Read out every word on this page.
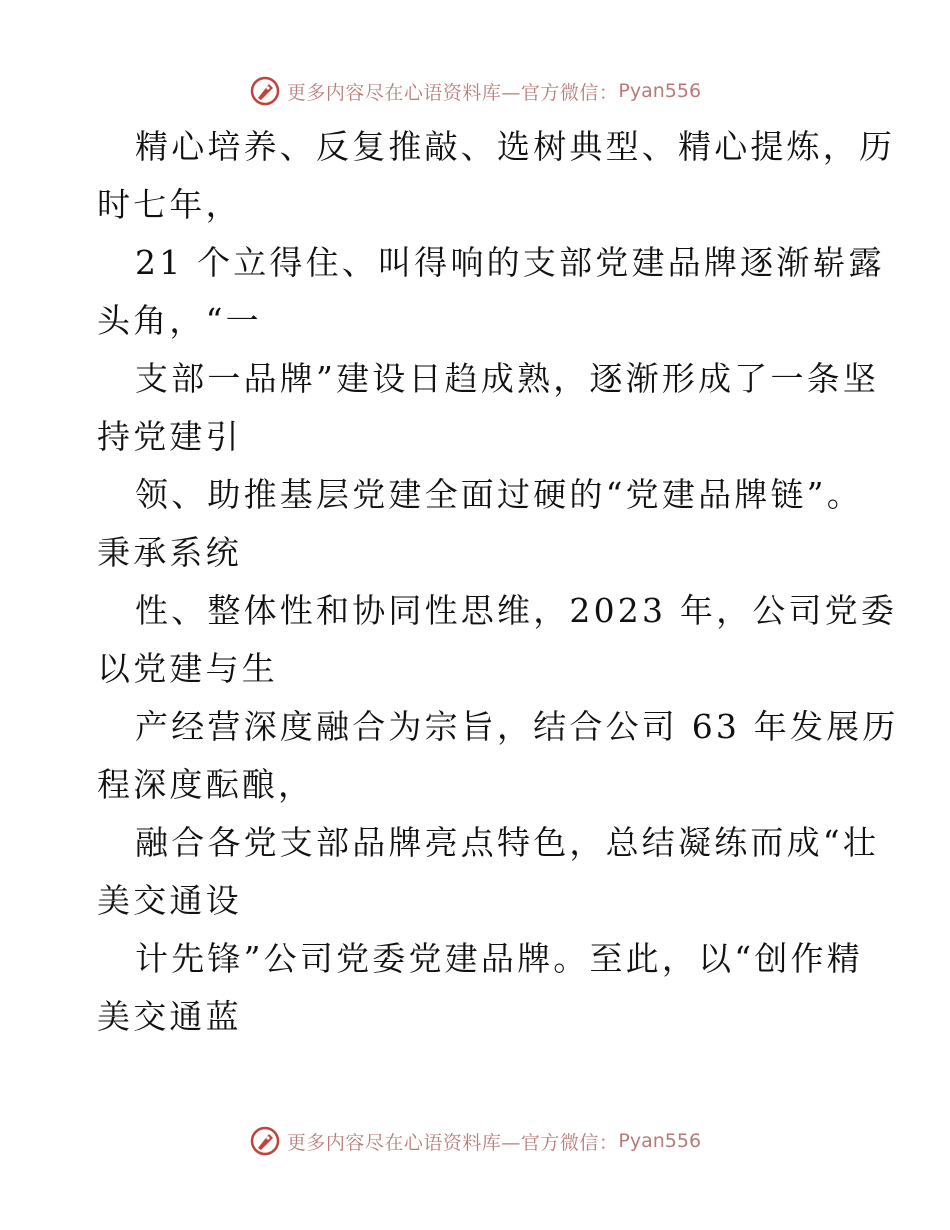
更多内容尽在心语资料库—官方微信： Pyan556
精心培养、反复推敲、选树典型、精心提炼，历
时七年，
21 个立得住、叫得响的支部党建品牌逐渐崭露
头角，“一
支部一品牌”建设日趋成熟，逐渐形成了一条坚
持党建引
领、助推基层党建全面过硬的“党建品牌链”。
秉承系统
性、整体性和协同性思维，2023 年，公司党委
以党建与生
产经营深度融合为宗旨，结合公司 63 年发展历
程深度酝酿，
融合各党支部品牌亮点特色，总结凝练而成“壮
美交通设
计先锋”公司党委党建品牌。至此，以“创作精
美交通蓝
更多内容尽在心语资料库—官方微信： Pyan556
